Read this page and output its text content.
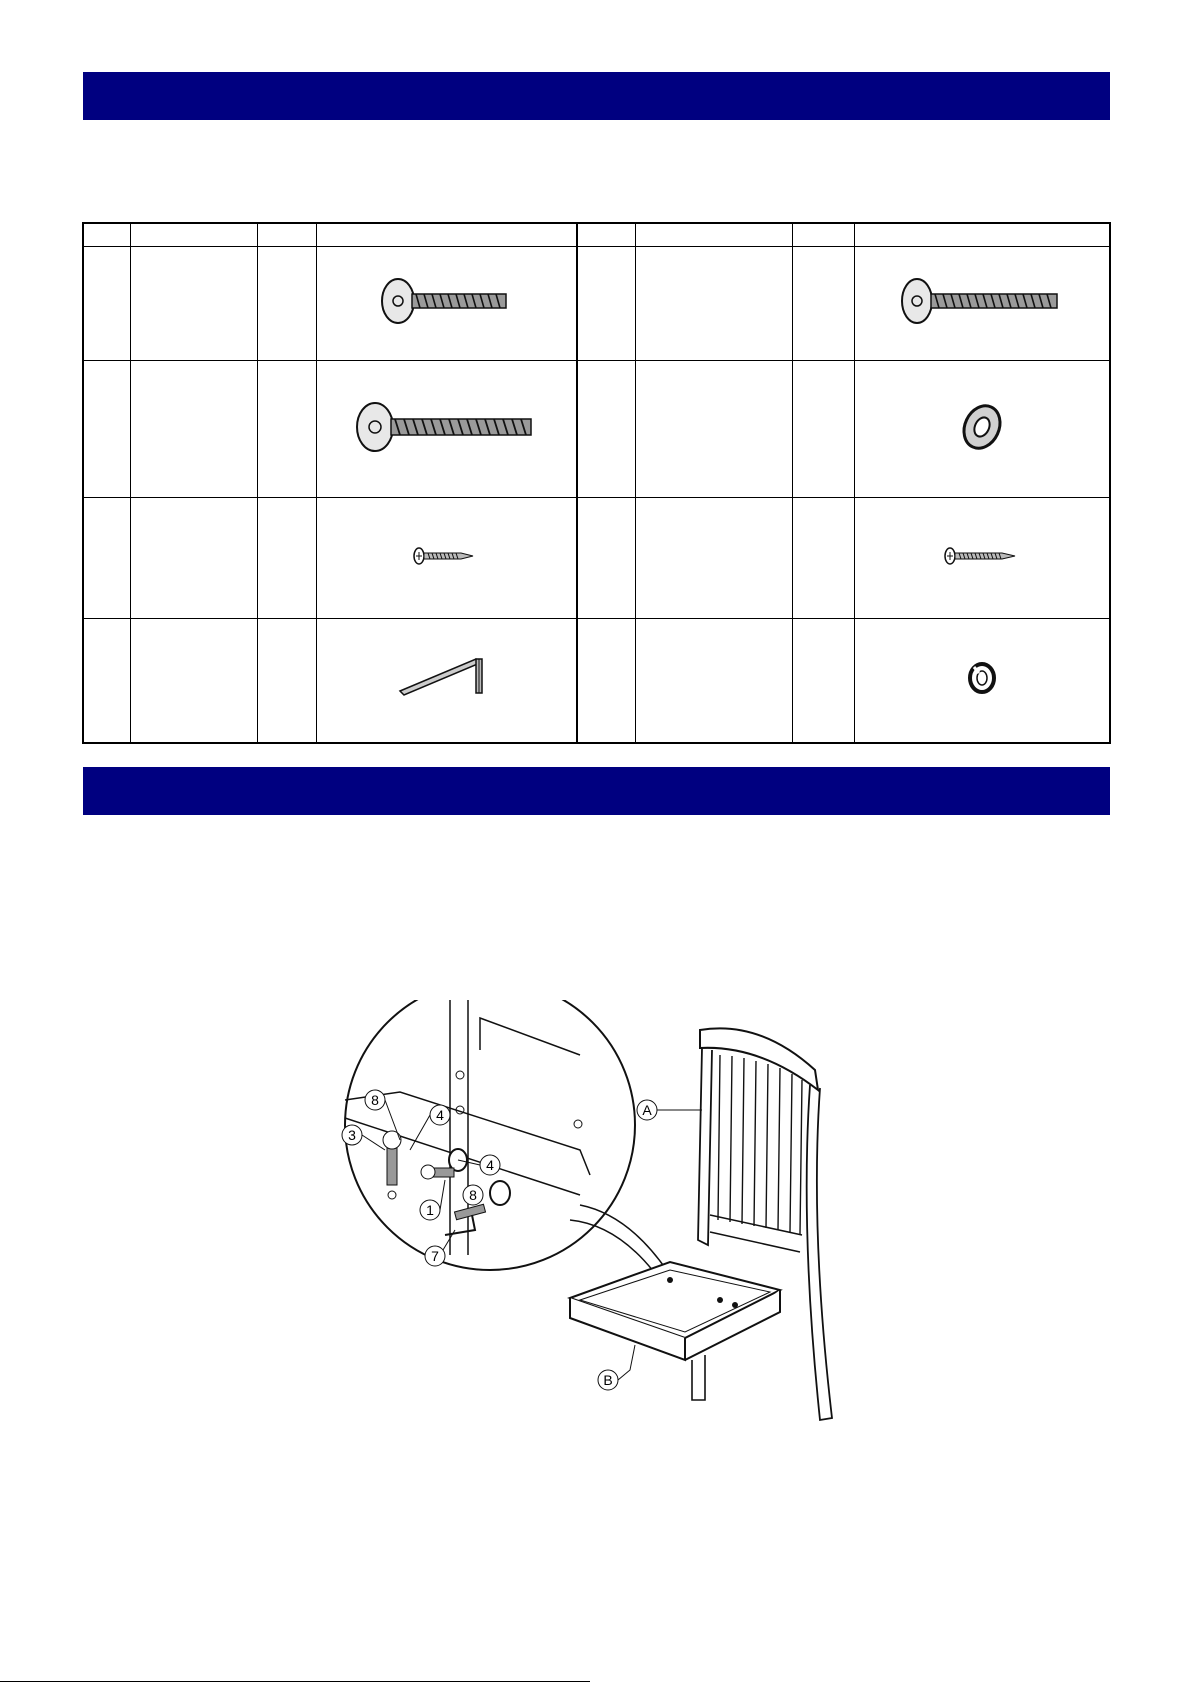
8
3
4
4
1
8
7
A
B
